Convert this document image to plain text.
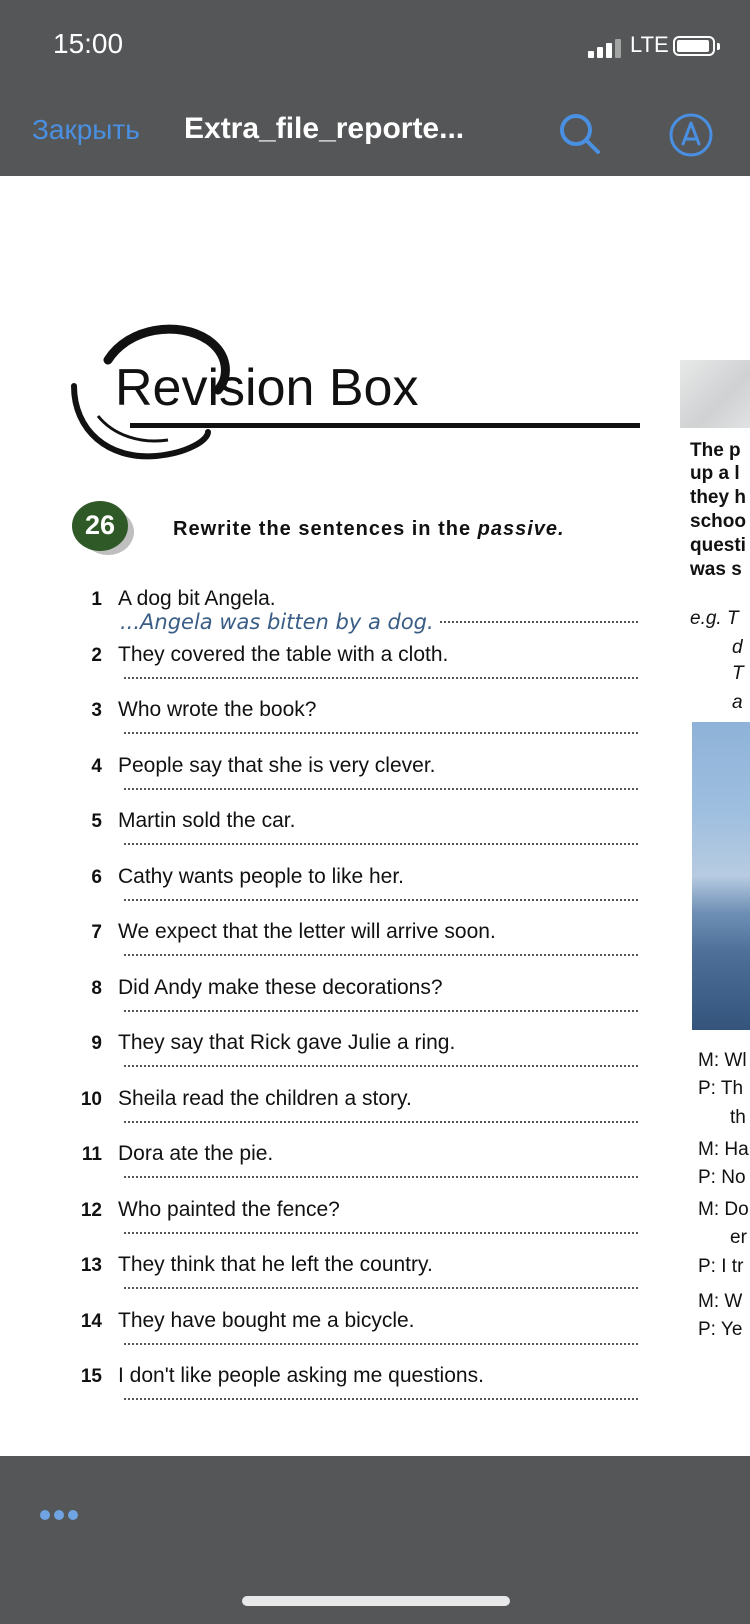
15:00	LTE
Закрыть Extra_file_reporte...
Revision Box
26	Rewrite the sentences in the passive.
1 A dog bit Angela.
...Angela was bitten by a dog.
2 They covered the table with a cloth.
3 Who wrote the book?
4 People say that she is very clever.
5 Martin sold the car.
6 Cathy wants people to like her.
7 We expect that the letter will arrive soon.
8 Did Andy make these decorations?
9 They say that Rick gave Julie a ring.
10 Sheila read the children a story.
11 Dora ate the pie.
12 Who painted the fence?
13 They think that he left the country.
14 They have bought me a bicycle.
15 I don't like people asking me questions.
The p
up a l
they h
schoo
questi
was s
e.g. T
d
T
a
M: Wl
P: Th
th
M: Ha
P: No
M: Do
er
P: I tr
M: W
P: Ye
